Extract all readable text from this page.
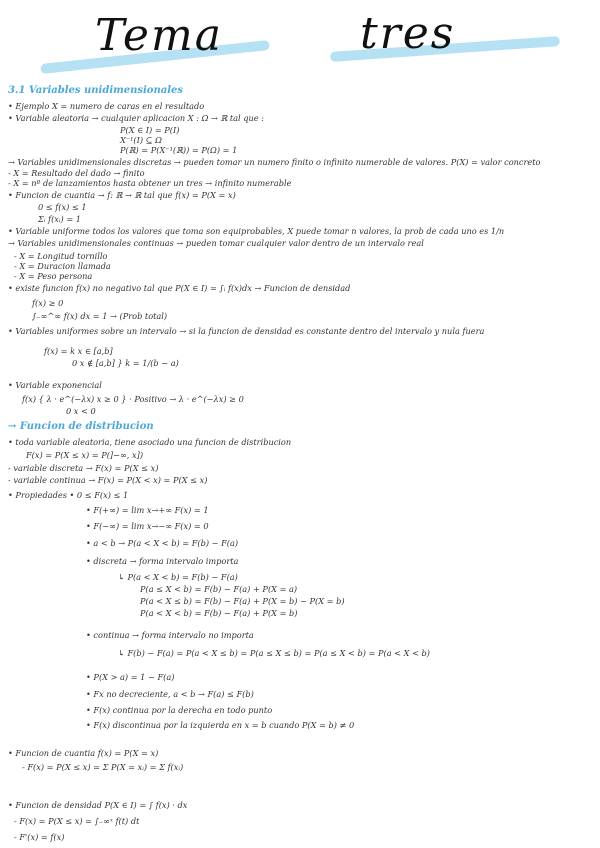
Tema	tres
3.1 Variables unidimensionales
• Ejemplo X = numero de caras en el resultado
• Variable aleatoria → cualquier aplicacion X : Ω → ℝ tal que :
P(X ∈ I) = P(I)
X⁻¹(I) ⊆ Ω
P(ℝ) = P(X⁻¹(ℝ)) = P(Ω) = 1
→ Variables unidimensionales discretas → pueden tomar un numero finito o infinito numerable de valores. P(X) = valor concreto
- X = Resultado del dado → finito
- X = nº de lanzamientos hasta obtener un tres → infinito numerable
• Funcion de cuantia → f: ℝ → ℝ tal que f(x) = P(X = x)
0 ≤ f(x) ≤ 1
Σᵢ f(xᵢ) = 1
• Variable uniforme todos los valores que toma son equiprobables, X puede tomar n valores, la prob de cada uno es 1/n
→ Variables unidimensionales continuas → pueden tomar cualquier valor dentro de un intervalo real
- X = Longitud tornillo
- X = Duracion llamada
- X = Peso persona
• existe funcion f(x) no negativo tal que P(X ∈ I) = ∫ᵢ f(x)dx → Funcion de densidad
f(x) ≥ 0
∫₋∞^∞ f(x) dx = 1 → (Prob total)
• Variables uniformes sobre un intervalo → si la funcion de densidad es constante dentro del intervalo y nula fuera
f(x) = k x ∈ [a,b]
0 x ∉ [a,b] } k = 1/(b − a)
• Variable exponencial
f(x) { λ · e^(−λx) x ≥ 0 } · Positivo → λ · e^(−λx) ≥ 0
0 x < 0
→ Funcion de distribucion
• toda variable aleatoria, tiene asociado una funcion de distribucion
F(x) = P(X ≤ x) = P(]−∞, x])
- variable discreta → F(x) = P(X ≤ x)
- variable continua → F(x) = P(X < x) = P(X ≤ x)
• Propiedades • 0 ≤ F(x) ≤ 1
• F(+∞) = lim x→+∞ F(x) = 1
• F(−∞) = lim x→−∞ F(x) = 0
• a < b → P(a < X < b) = F(b) − F(a)
• discreta → forma intervalo importa
↳ P(a < X < b) = F(b) − F(a)
P(a ≤ X < b) = F(b) − F(a) + P(X = a)
P(a < X ≤ b) = F(b) − F(a) + P(X = b) − P(X = b)
P(a < X < b) = F(b) − F(a) + P(X = b)
• continua → forma intervalo no importa
↳ F(b) − F(a) = P(a < X ≤ b) = P(a ≤ X ≤ b) = P(a ≤ X < b) = P(a < X < b)
• P(X > a) = 1 − F(a)
• Fx no decreciente, a < b → F(a) ≤ F(b)
• F(x) continua por la derecha en todo punto
• F(x) discontinua por la izquierda en x = b cuando P(X = b) ≠ 0
• Funcion de cuantia f(x) = P(X = x)
- F(x) = P(X ≤ x) = Σ P(X = xᵢ) = Σ f(xᵢ)
• Funcion de densidad P(X ∈ I) = ∫ f(x) · dx
- F(x) = P(X ≤ x) = ∫₋∞ˣ f(t) dt
- F'(x) = f(x)
